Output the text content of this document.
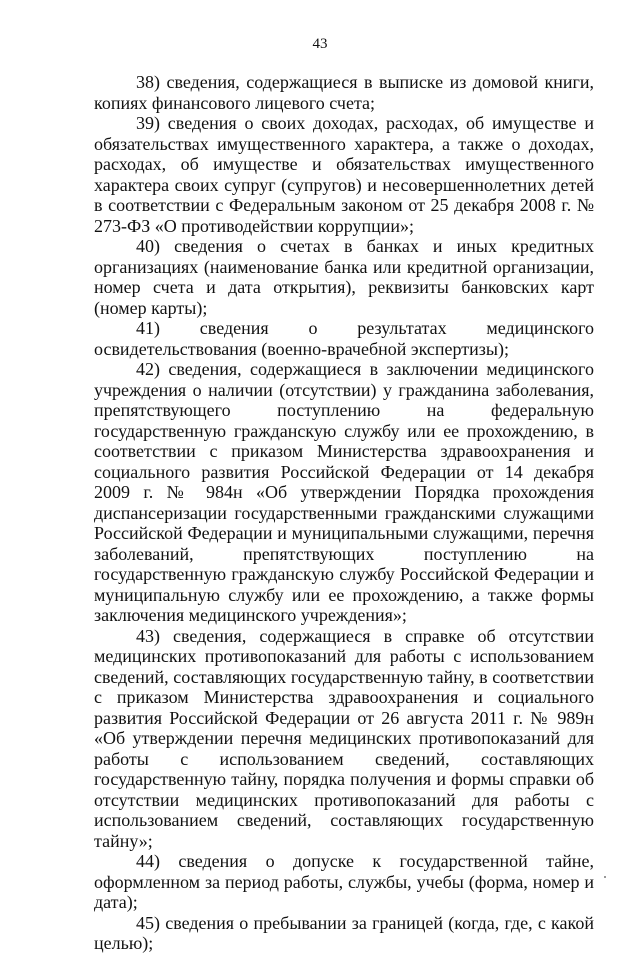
43

38) сведения, содержащиеся в выписке из домовой книги, копиях финансового лицевого счета;

39) сведения о своих доходах, расходах, об имуществе и обязательствах имущественного характера, а также о доходах, расходах, об имуществе и обязательствах имущественного характера своих супруг (супругов) и несовершеннолетних детей в соответствии с Федеральным законом от 25 декабря 2008 г. № 273-ФЗ «О противодействии коррупции»;

40) сведения о счетах в банках и иных кредитных организациях (наименование банка или кредитной организации, номер счета и дата открытия), реквизиты банковских карт (номер карты);

41) сведения о результатах медицинского освидетельствования (военно-врачебной экспертизы);

42) сведения, содержащиеся в заключении медицинского учреждения о наличии (отсутствии) у гражданина заболевания, препятствующего поступлению на федеральную государственную гражданскую службу или ее прохождению, в соответствии с приказом Министерства здравоохранения и социального развития Российской Федерации от 14 декабря 2009 г. № 984н «Об утверждении Порядка прохождения диспансеризации государственными гражданскими служащими Российской Федерации и муниципальными служащими, перечня заболеваний, препятствующих поступлению на государственную гражданскую службу Российской Федерации и муниципальную службу или ее прохождению, а также формы заключения медицинского учреждения»;

43) сведения, содержащиеся в справке об отсутствии медицинских противопоказаний для работы с использованием сведений, составляющих государственную тайну, в соответствии с приказом Министерства здравоохранения и социального развития Российской Федерации от 26 августа 2011 г. № 989н «Об утверждении перечня медицинских противопоказаний для работы с использованием сведений, составляющих государственную тайну, порядка получения и формы справки об отсутствии медицинских противопоказаний для работы с использованием сведений, составляющих государственную тайну»;

44) сведения о допуске к государственной тайне, оформленном за период работы, службы, учебы (форма, номер и дата);

45) сведения о пребывании за границей (когда, где, с какой целью);
